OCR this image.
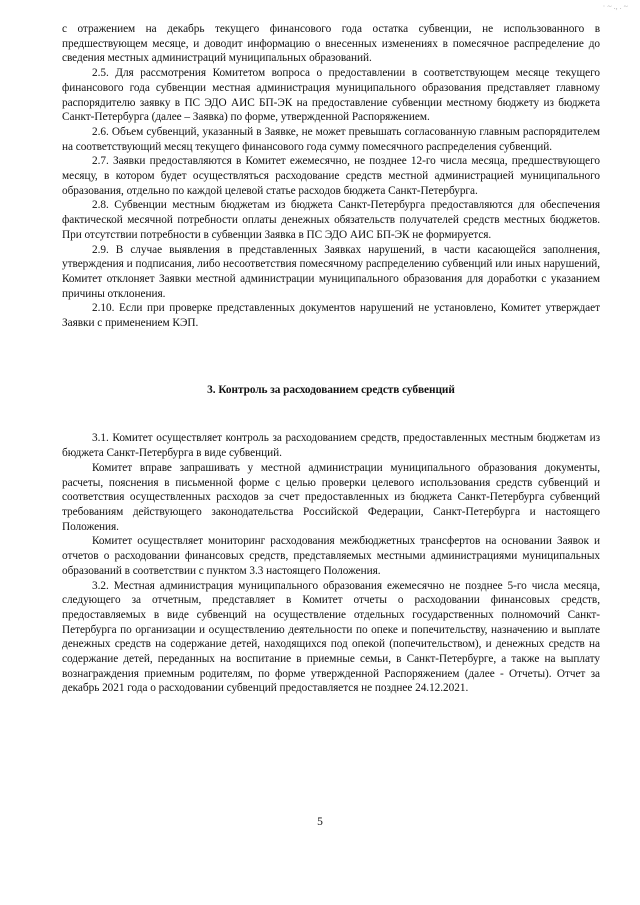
· ~ ., . ~

с отражением на декабрь текущего финансового года остатка субвенции, не использованного в предшествующем месяце, и доводит информацию о внесенных изменениях в помесячное распределение до сведения местных администраций муниципальных образований.

2.5. Для рассмотрения Комитетом вопроса о предоставлении в соответствующем месяце текущего финансового года субвенции местная администрация муниципального образования представляет главному распорядителю заявку в ПС ЭДО АИС БП-ЭК на предоставление субвенции местному бюджету из бюджета Санкт-Петербурга (далее – Заявка) по форме, утвержденной Распоряжением.

2.6. Объем субвенций, указанный в Заявке, не может превышать согласованную главным распорядителем на соответствующий месяц текущего финансового года сумму помесячного распределения субвенций.

2.7. Заявки предоставляются в Комитет ежемесячно, не позднее 12-го числа месяца, предшествующего месяцу, в котором будет осуществляться расходование средств местной администрацией муниципального образования, отдельно по каждой целевой статье расходов бюджета Санкт-Петербурга.

2.8. Субвенции местным бюджетам из бюджета Санкт-Петербурга предоставляются для обеспечения фактической месячной потребности оплаты денежных обязательств получателей средств местных бюджетов. При отсутствии потребности в субвенции Заявка в ПС ЭДО АИС БП-ЭК не формируется.

2.9. В случае выявления в представленных Заявках нарушений, в части касающейся заполнения, утверждения и подписания, либо несоответствия помесячному распределению субвенций или иных нарушений, Комитет отклоняет Заявки местной администрации муниципального образования для доработки с указанием причины отклонения.

2.10. Если при проверке представленных документов нарушений не установлено, Комитет утверждает Заявки с применением КЭП.

3. Контроль за расходованием средств субвенций

3.1. Комитет осуществляет контроль за расходованием средств, предоставленных местным бюджетам из бюджета Санкт-Петербурга в виде субвенций.

Комитет вправе запрашивать у местной администрации муниципального образования документы, расчеты, пояснения в письменной форме с целью проверки целевого использования средств субвенций и соответствия осуществленных расходов за счет предоставленных из бюджета Санкт-Петербурга субвенций требованиям действующего законодательства Российской Федерации, Санкт-Петербурга и настоящего Положения.

Комитет осуществляет мониторинг расходования межбюджетных трансфертов на основании Заявок и отчетов о расходовании финансовых средств, представляемых местными администрациями муниципальных образований в соответствии с пунктом 3.3 настоящего Положения.

3.2. Местная администрация муниципального образования ежемесячно не позднее 5-го числа месяца, следующего за отчетным, представляет в Комитет отчеты о расходовании финансовых средств, предоставляемых в виде субвенций на осуществление отдельных государственных полномочий Санкт-Петербурга по организации и осуществлению деятельности по опеке и попечительству, назначению и выплате денежных средств на содержание детей, находящихся под опекой (попечительством), и денежных средств на содержание детей, переданных на воспитание в приемные семьи, в Санкт-Петербурге, а также на выплату вознаграждения приемным родителям, по форме утвержденной Распоряжением (далее - Отчеты). Отчет за декабрь 2021 года о расходовании субвенций предоставляется не позднее 24.12.2021.

5
